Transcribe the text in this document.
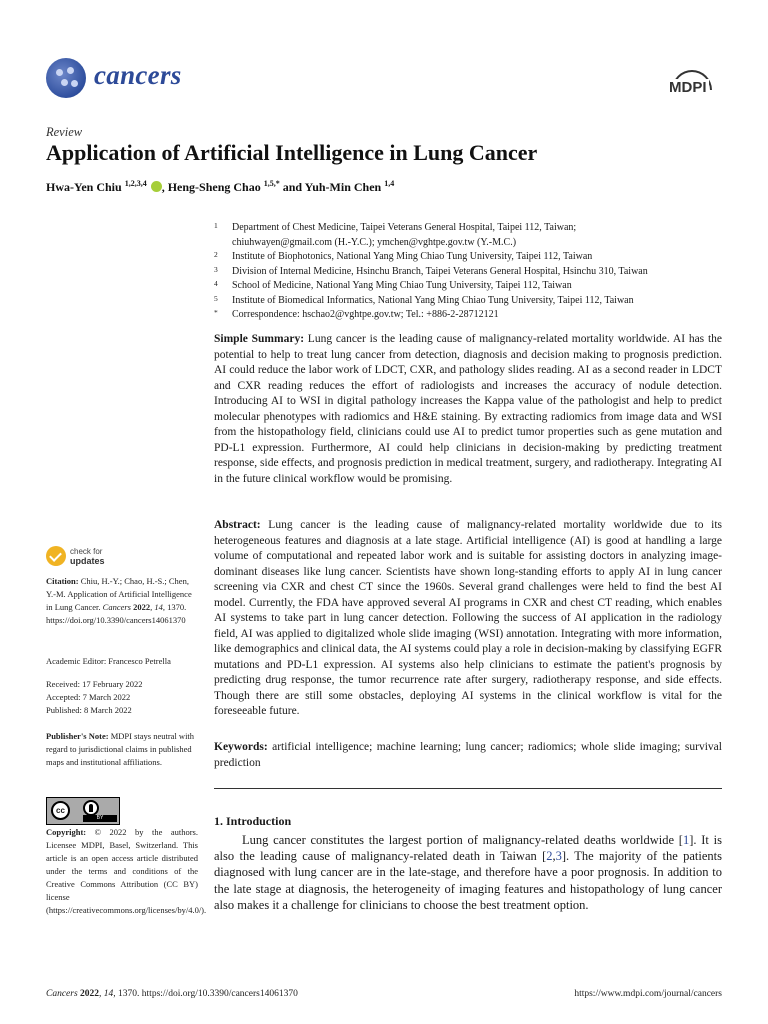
cancers	MDPI
Review
Application of Artificial Intelligence in Lung Cancer
Hwa-Yen Chiu $^{1,2,3,4}$ , Heng-Sheng Chao $^{1,5,*}$ and Yuh-Min Chen $^{1,4}$
1 Department of Chest Medicine, Taipei Veterans General Hospital, Taipei 112, Taiwan;
chiuhwayen@gmail.com (H.-Y.C.); ymchen@vghtpe.gov.tw (Y.-M.C.)
2 Institute of Biophotonics, National Yang Ming Chiao Tung University, Taipei 112, Taiwan
3 Division of Internal Medicine, Hsinchu Branch, Taipei Veterans General Hospital, Hsinchu 310, Taiwan
4 School of Medicine, National Yang Ming Chiao Tung University, Taipei 112, Taiwan
5 Institute of Biomedical Informatics, National Yang Ming Chiao Tung University, Taipei 112, Taiwan
* Correspondence: hschao2@vghtpe.gov.tw; Tel.: +886-2-28712121

Simple Summary: Lung cancer is the leading cause of malignancy-related mortality worldwide. AI has the potential to help to treat lung cancer from detection, diagnosis and decision making to prognosis prediction. AI could reduce the labor work of LDCT, CXR, and pathology slides reading. AI as a second reader in LDCT and CXR reading reduces the effort of radiologists and increases the accuracy of nodule detection. Introducing AI to WSI in digital pathology increases the Kappa value of the pathologist and help to predict molecular phenotypes with radiomics and H&E staining. By extracting radiomics from image data and WSI from the histopathology field, clinicians could use AI to predict tumor properties such as gene mutation and PD-L1 expression. Furthermore, AI could help clinicians in decision-making by predicting treatment response, side effects, and prognosis prediction in medical treatment, surgery, and radiotherapy. Integrating AI in the future clinical workflow would be promising.

Abstract: Lung cancer is the leading cause of malignancy-related mortality worldwide due to its heterogeneous features and diagnosis at a late stage. Artificial intelligence (AI) is good at handling a large volume of computational and repeated labor work and is suitable for assisting doctors in analyzing image-dominant diseases like lung cancer. Scientists have shown long-standing efforts to apply AI in lung cancer screening via CXR and chest CT since the 1960s. Several grand challenges were held to find the best AI model. Currently, the FDA have approved several AI programs in CXR and chest CT reading, which enables AI systems to take part in lung cancer detection. Following the success of AI application in the radiology field, AI was applied to digitalized whole slide imaging (WSI) annotation. Integrating with more information, like demographics and clinical data, the AI systems could play a role in decision-making by classifying EGFR mutations and PD-L1 expression. AI systems also help clinicians to estimate the patient's prognosis by predicting drug response, the tumor recurrence rate after surgery, radiotherapy response, and side effects. Though there are still some obstacles, deploying AI systems in the clinical workflow is vital for the foreseeable future.

Keywords: artificial intelligence; machine learning; lung cancer; radiomics; whole slide imaging; survival prediction

check for
updates
Citation: Chiu, H.-Y.; Chao, H.-S.; Chen, Y.-M. Application of Artificial Intelligence in Lung Cancer. Cancers 2022, 14, 1370. https://doi.org/10.3390/cancers14061370
Academic Editor: Francesco Petrella
Received: 17 February 2022
Accepted: 7 March 2022
Published: 8 March 2022
Publisher's Note: MDPI stays neutral with regard to jurisdictional claims in published maps and institutional affiliations.
cc
BY
Copyright: © 2022 by the authors. Licensee MDPI, Basel, Switzerland. This article is an open access article distributed under the terms and conditions of the Creative Commons Attribution (CC BY) license (https://creativecommons.org/licenses/by/4.0/).
1. Introduction

Lung cancer constitutes the largest portion of malignancy-related deaths worldwide [1]. It is also the leading cause of malignancy-related death in Taiwan [2,3]. The majority of the patients diagnosed with lung cancer are in the late-stage, and therefore have a poor prognosis. In addition to the late stage at diagnosis, the heterogeneity of imaging features and histopathology of lung cancer also makes it a challenge for clinicians to choose the best treatment option.

Cancers 2022, 14, 1370. https://doi.org/10.3390/cancers14061370	https://www.mdpi.com/journal/cancers
